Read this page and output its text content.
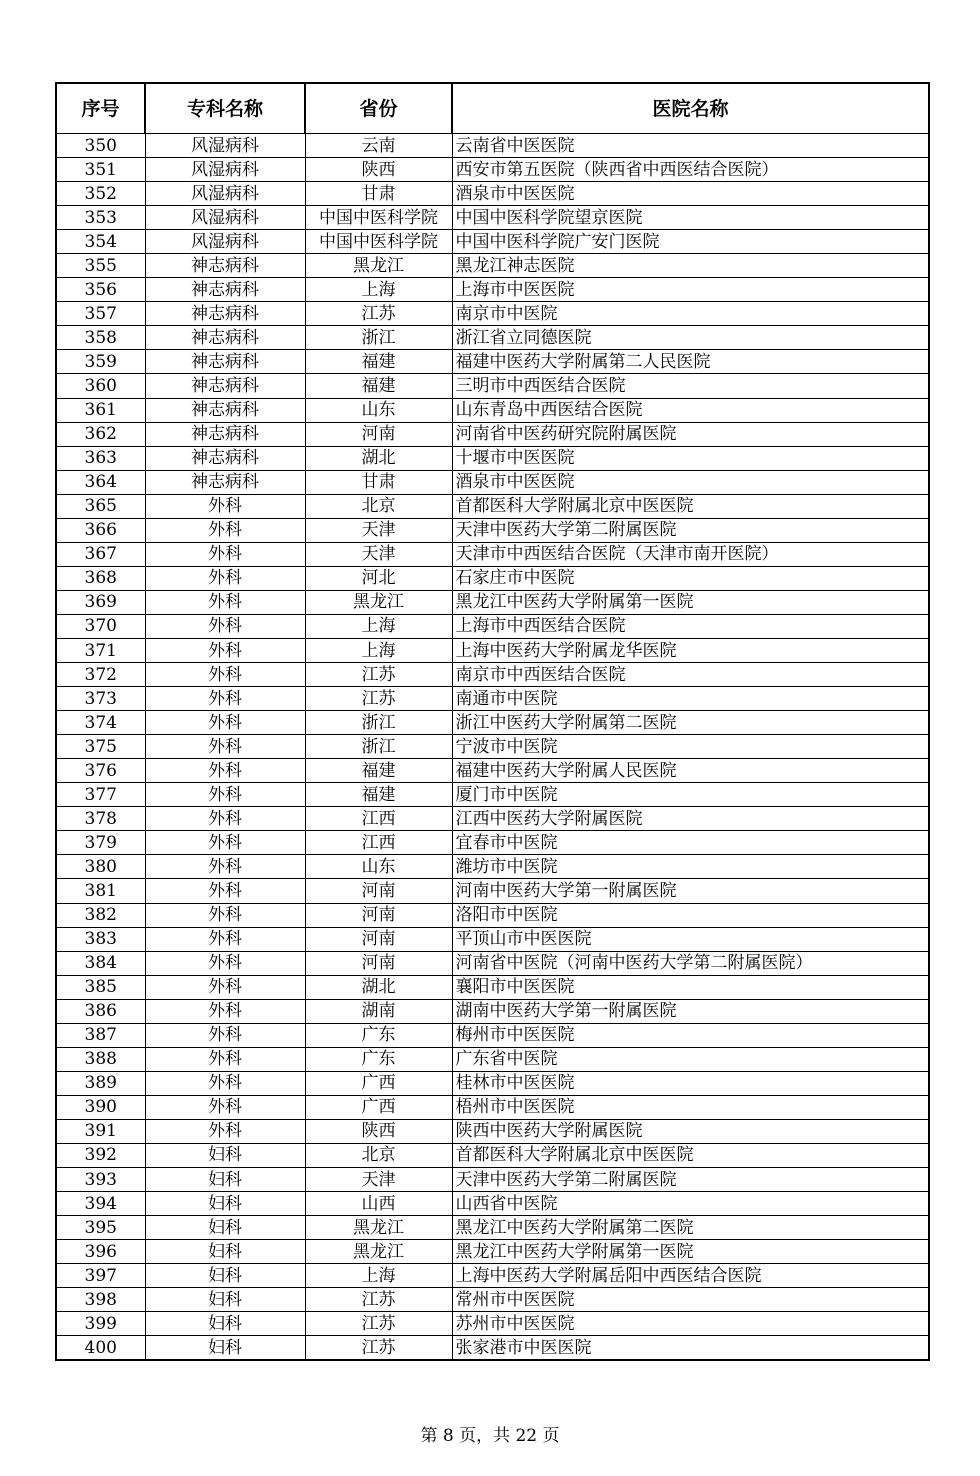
序号	专科名称	省份	医院名称
350	风湿病科	云南	云南省中医医院
351	风湿病科	陕西	西安市第五医院（陕西省中西医结合医院）
352	风湿病科	甘肃	酒泉市中医医院
353	风湿病科	中国中医科学院	中国中医科学院望京医院
354	风湿病科	中国中医科学院	中国中医科学院广安门医院
355	神志病科	黑龙江	黑龙江神志医院
356	神志病科	上海	上海市中医医院
357	神志病科	江苏	南京市中医院
358	神志病科	浙江	浙江省立同德医院
359	神志病科	福建	福建中医药大学附属第二人民医院
360	神志病科	福建	三明市中西医结合医院
361	神志病科	山东	山东青岛中西医结合医院
362	神志病科	河南	河南省中医药研究院附属医院
363	神志病科	湖北	十堰市中医医院
364	神志病科	甘肃	酒泉市中医医院
365	外科	北京	首都医科大学附属北京中医医院
366	外科	天津	天津中医药大学第二附属医院
367	外科	天津	天津市中西医结合医院（天津市南开医院）
368	外科	河北	石家庄市中医院
369	外科	黑龙江	黑龙江中医药大学附属第一医院
370	外科	上海	上海市中西医结合医院
371	外科	上海	上海中医药大学附属龙华医院
372	外科	江苏	南京市中西医结合医院
373	外科	江苏	南通市中医院
374	外科	浙江	浙江中医药大学附属第二医院
375	外科	浙江	宁波市中医院
376	外科	福建	福建中医药大学附属人民医院
377	外科	福建	厦门市中医院
378	外科	江西	江西中医药大学附属医院
379	外科	江西	宜春市中医院
380	外科	山东	潍坊市中医院
381	外科	河南	河南中医药大学第一附属医院
382	外科	河南	洛阳市中医院
383	外科	河南	平顶山市中医医院
384	外科	河南	河南省中医院（河南中医药大学第二附属医院）
385	外科	湖北	襄阳市中医医院
386	外科	湖南	湖南中医药大学第一附属医院
387	外科	广东	梅州市中医医院
388	外科	广东	广东省中医院
389	外科	广西	桂林市中医医院
390	外科	广西	梧州市中医医院
391	外科	陕西	陕西中医药大学附属医院
392	妇科	北京	首都医科大学附属北京中医医院
393	妇科	天津	天津中医药大学第二附属医院
394	妇科	山西	山西省中医院
395	妇科	黑龙江	黑龙江中医药大学附属第二医院
396	妇科	黑龙江	黑龙江中医药大学附属第一医院
397	妇科	上海	上海中医药大学附属岳阳中西医结合医院
398	妇科	江苏	常州市中医医院
399	妇科	江苏	苏州市中医医院
400	妇科	江苏	张家港市中医医院
第 8 页，共 22 页
